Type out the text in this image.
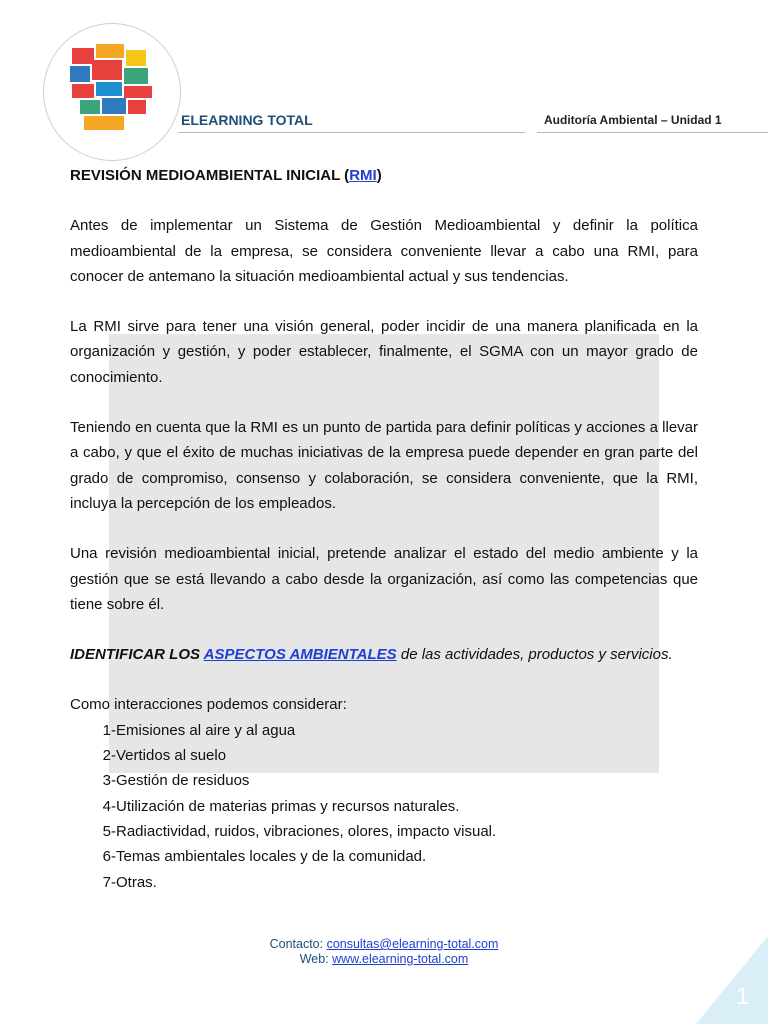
ELEARNING TOTAL	Auditoría Ambiental – Unidad 1

REVISIÓN MEDIOAMBIENTAL INICIAL (RMI)

Antes de implementar un Sistema de Gestión Medioambiental y definir la política medioambiental de la empresa, se considera conveniente llevar a cabo una RMI, para conocer de antemano la situación medioambiental actual y sus tendencias.

La RMI sirve para tener una visión general, poder incidir de una manera planificada en la organización y gestión, y poder establecer, finalmente, el SGMA con un mayor grado de conocimiento.

Teniendo en cuenta que la RMI es un punto de partida para definir políticas y acciones a llevar a cabo, y que el éxito de muchas iniciativas de la empresa puede depender en gran parte del grado de compromiso, consenso y colaboración, se considera conveniente, que la RMI, incluya la percepción de los empleados.

Una revisión medioambiental inicial, pretende analizar el estado del medio ambiente y la gestión que se está llevando a cabo desde la organización, así como las competencias que tiene sobre él.

IDENTIFICAR LOS ASPECTOS AMBIENTALES de las actividades, productos y servicios.

Como interacciones podemos considerar:

1- Emisiones al aire y al agua
2- Vertidos al suelo
3- Gestión de residuos
4- Utilización de materias primas y recursos naturales.
5- Radiactividad, ruidos, vibraciones, olores, impacto visual.
6- Temas ambientales locales y de la comunidad.
7- Otras.
Contacto: consultas@elearning-total.com
Web: www.elearning-total.com
1
